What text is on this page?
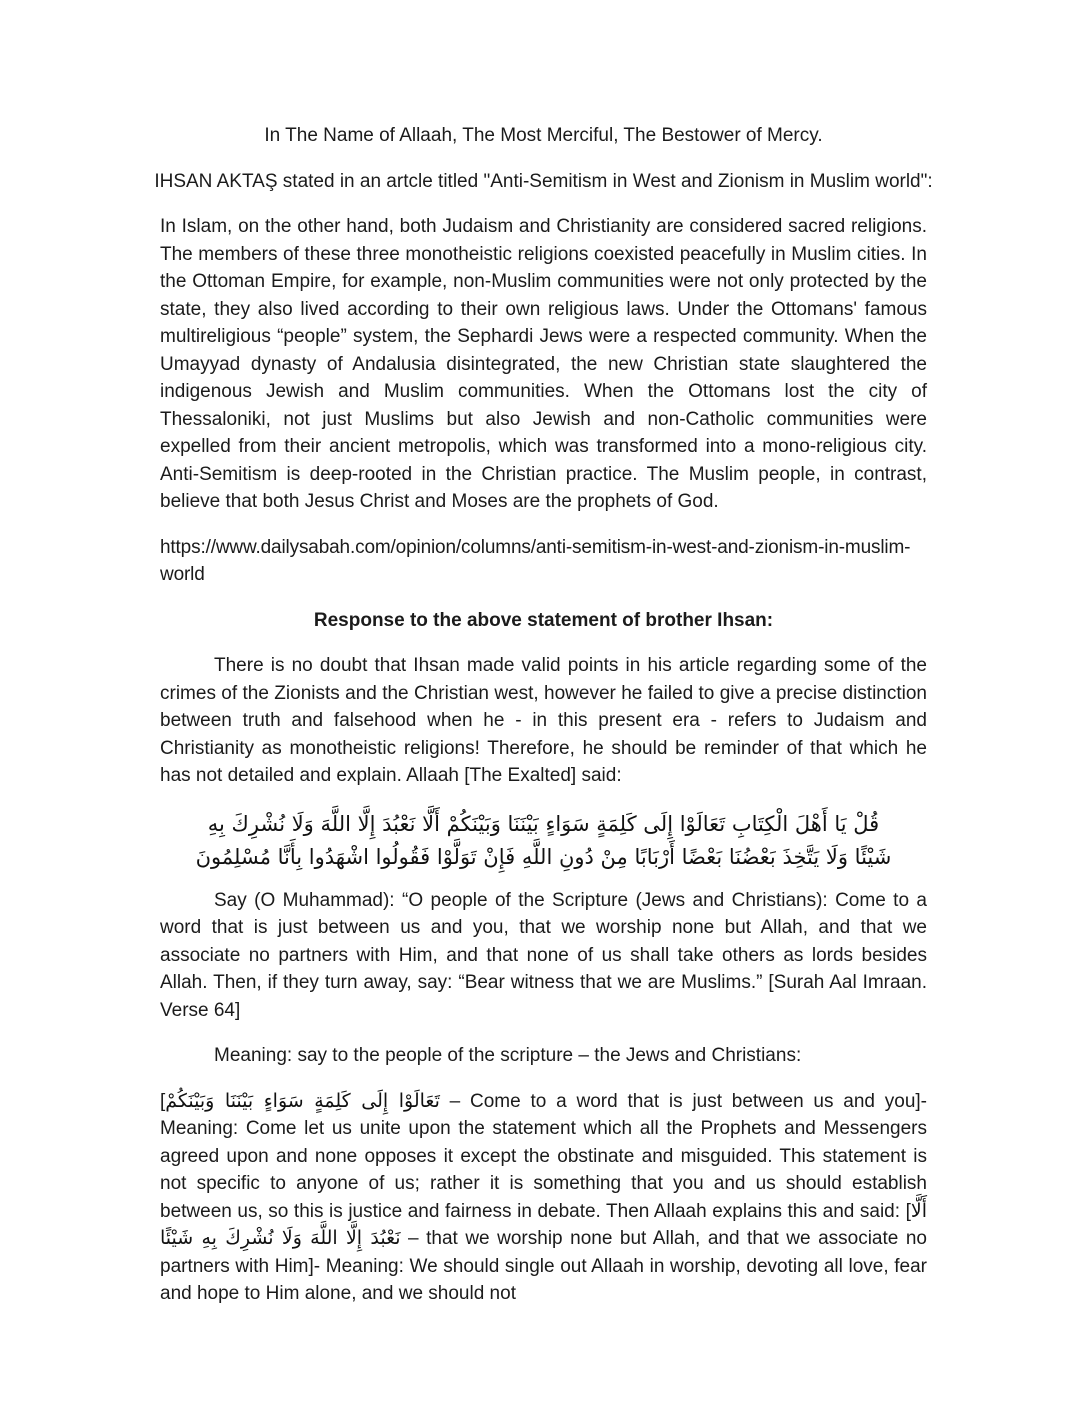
In The Name of Allaah, The Most Merciful, The Bestower of Mercy.

IHSAN AKTAŞ stated in an artcle titled "Anti-Semitism in West and Zionism in Muslim world":

In Islam, on the other hand, both Judaism and Christianity are considered sacred religions. The members of these three monotheistic religions coexisted peacefully in Muslim cities. In the Ottoman Empire, for example, non-Muslim communities were not only protected by the state, they also lived according to their own religious laws. Under the Ottomans' famous multireligious “people” system, the Sephardi Jews were a respected community. When the Umayyad dynasty of Andalusia disintegrated, the new Christian state slaughtered the indigenous Jewish and Muslim communities. When the Ottomans lost the city of Thessaloniki, not just Muslims but also Jewish and non-Catholic communities were expelled from their ancient metropolis, which was transformed into a mono-religious city. Anti-Semitism is deep-rooted in the Christian practice. The Muslim people, in contrast, believe that both Jesus Christ and Moses are the prophets of God.

https://www.dailysabah.com/opinion/columns/anti-semitism-in-west-and-zionism-in-muslim-world

Response to the above statement of brother Ihsan:

There is no doubt that Ihsan made valid points in his article regarding some of the crimes of the Zionists and the Christian west, however he failed to give a precise distinction between truth and falsehood when he - in this present era - refers to Judaism and Christianity as monotheistic religions! Therefore, he should be reminder of that which he has not detailed and explain. Allaah [The Exalted] said:

قُلْ يَا أَهْلَ الْكِتَابِ تَعَالَوْا إِلَى كَلِمَةٍ سَوَاءٍ بَيْنَنَا وَبَيْنَكُمْ أَلَّا نَعْبُدَ إِلَّا اللَّهَ وَلَا نُشْرِكَ بِهِ شَيْئًا وَلَا يَتَّخِذَ بَعْضُنَا بَعْضًا أَرْبَابًا مِنْ دُونِ اللَّهِ فَإِنْ تَوَلَّوْا فَقُولُوا اشْهَدُوا بِأَنَّا مُسْلِمُونَ

Say (O Muhammad): “O people of the Scripture (Jews and Christians): Come to a word that is just between us and you, that we worship none but Allah, and that we associate no partners with Him, and that none of us shall take others as lords besides Allah. Then, if they turn away, say: “Bear witness that we are Muslims.” [Surah Aal Imraan. Verse 64]

Meaning: say to the people of the scripture – the Jews and Christians:

[تَعَالَوْا إِلَى كَلِمَةٍ سَوَاءٍ بَيْنَنَا وَبَيْنَكُمْ – Come to a word that is just between us and you]- Meaning: Come let us unite upon the statement which all the Prophets and Messengers agreed upon and none opposes it except the obstinate and misguided. This statement is not specific to anyone of us; rather it is something that you and us should establish between us, so this is justice and fairness in debate. Then Allaah explains this and said: [أَلَّا نَعْبُدَ إِلَّا اللَّهَ وَلَا نُشْرِكَ بِهِ شَيْئًا – that we worship none but Allah, and that we associate no partners with Him]- Meaning: We should single out Allaah in worship, devoting all love, fear and hope to Him alone, and we should not
